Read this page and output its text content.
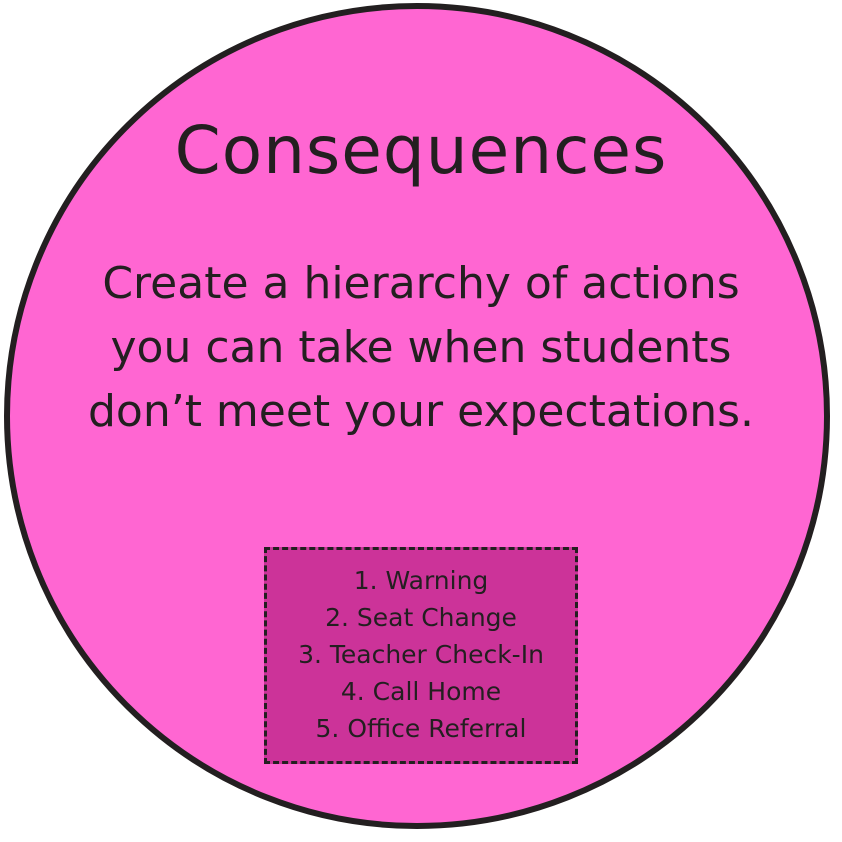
Consequences
Create a hierarchy of actions you can take when students don’t meet your expectations.
1. Warning
2. Seat Change
3. Teacher Check-In
4. Call Home
5. Office Referral
